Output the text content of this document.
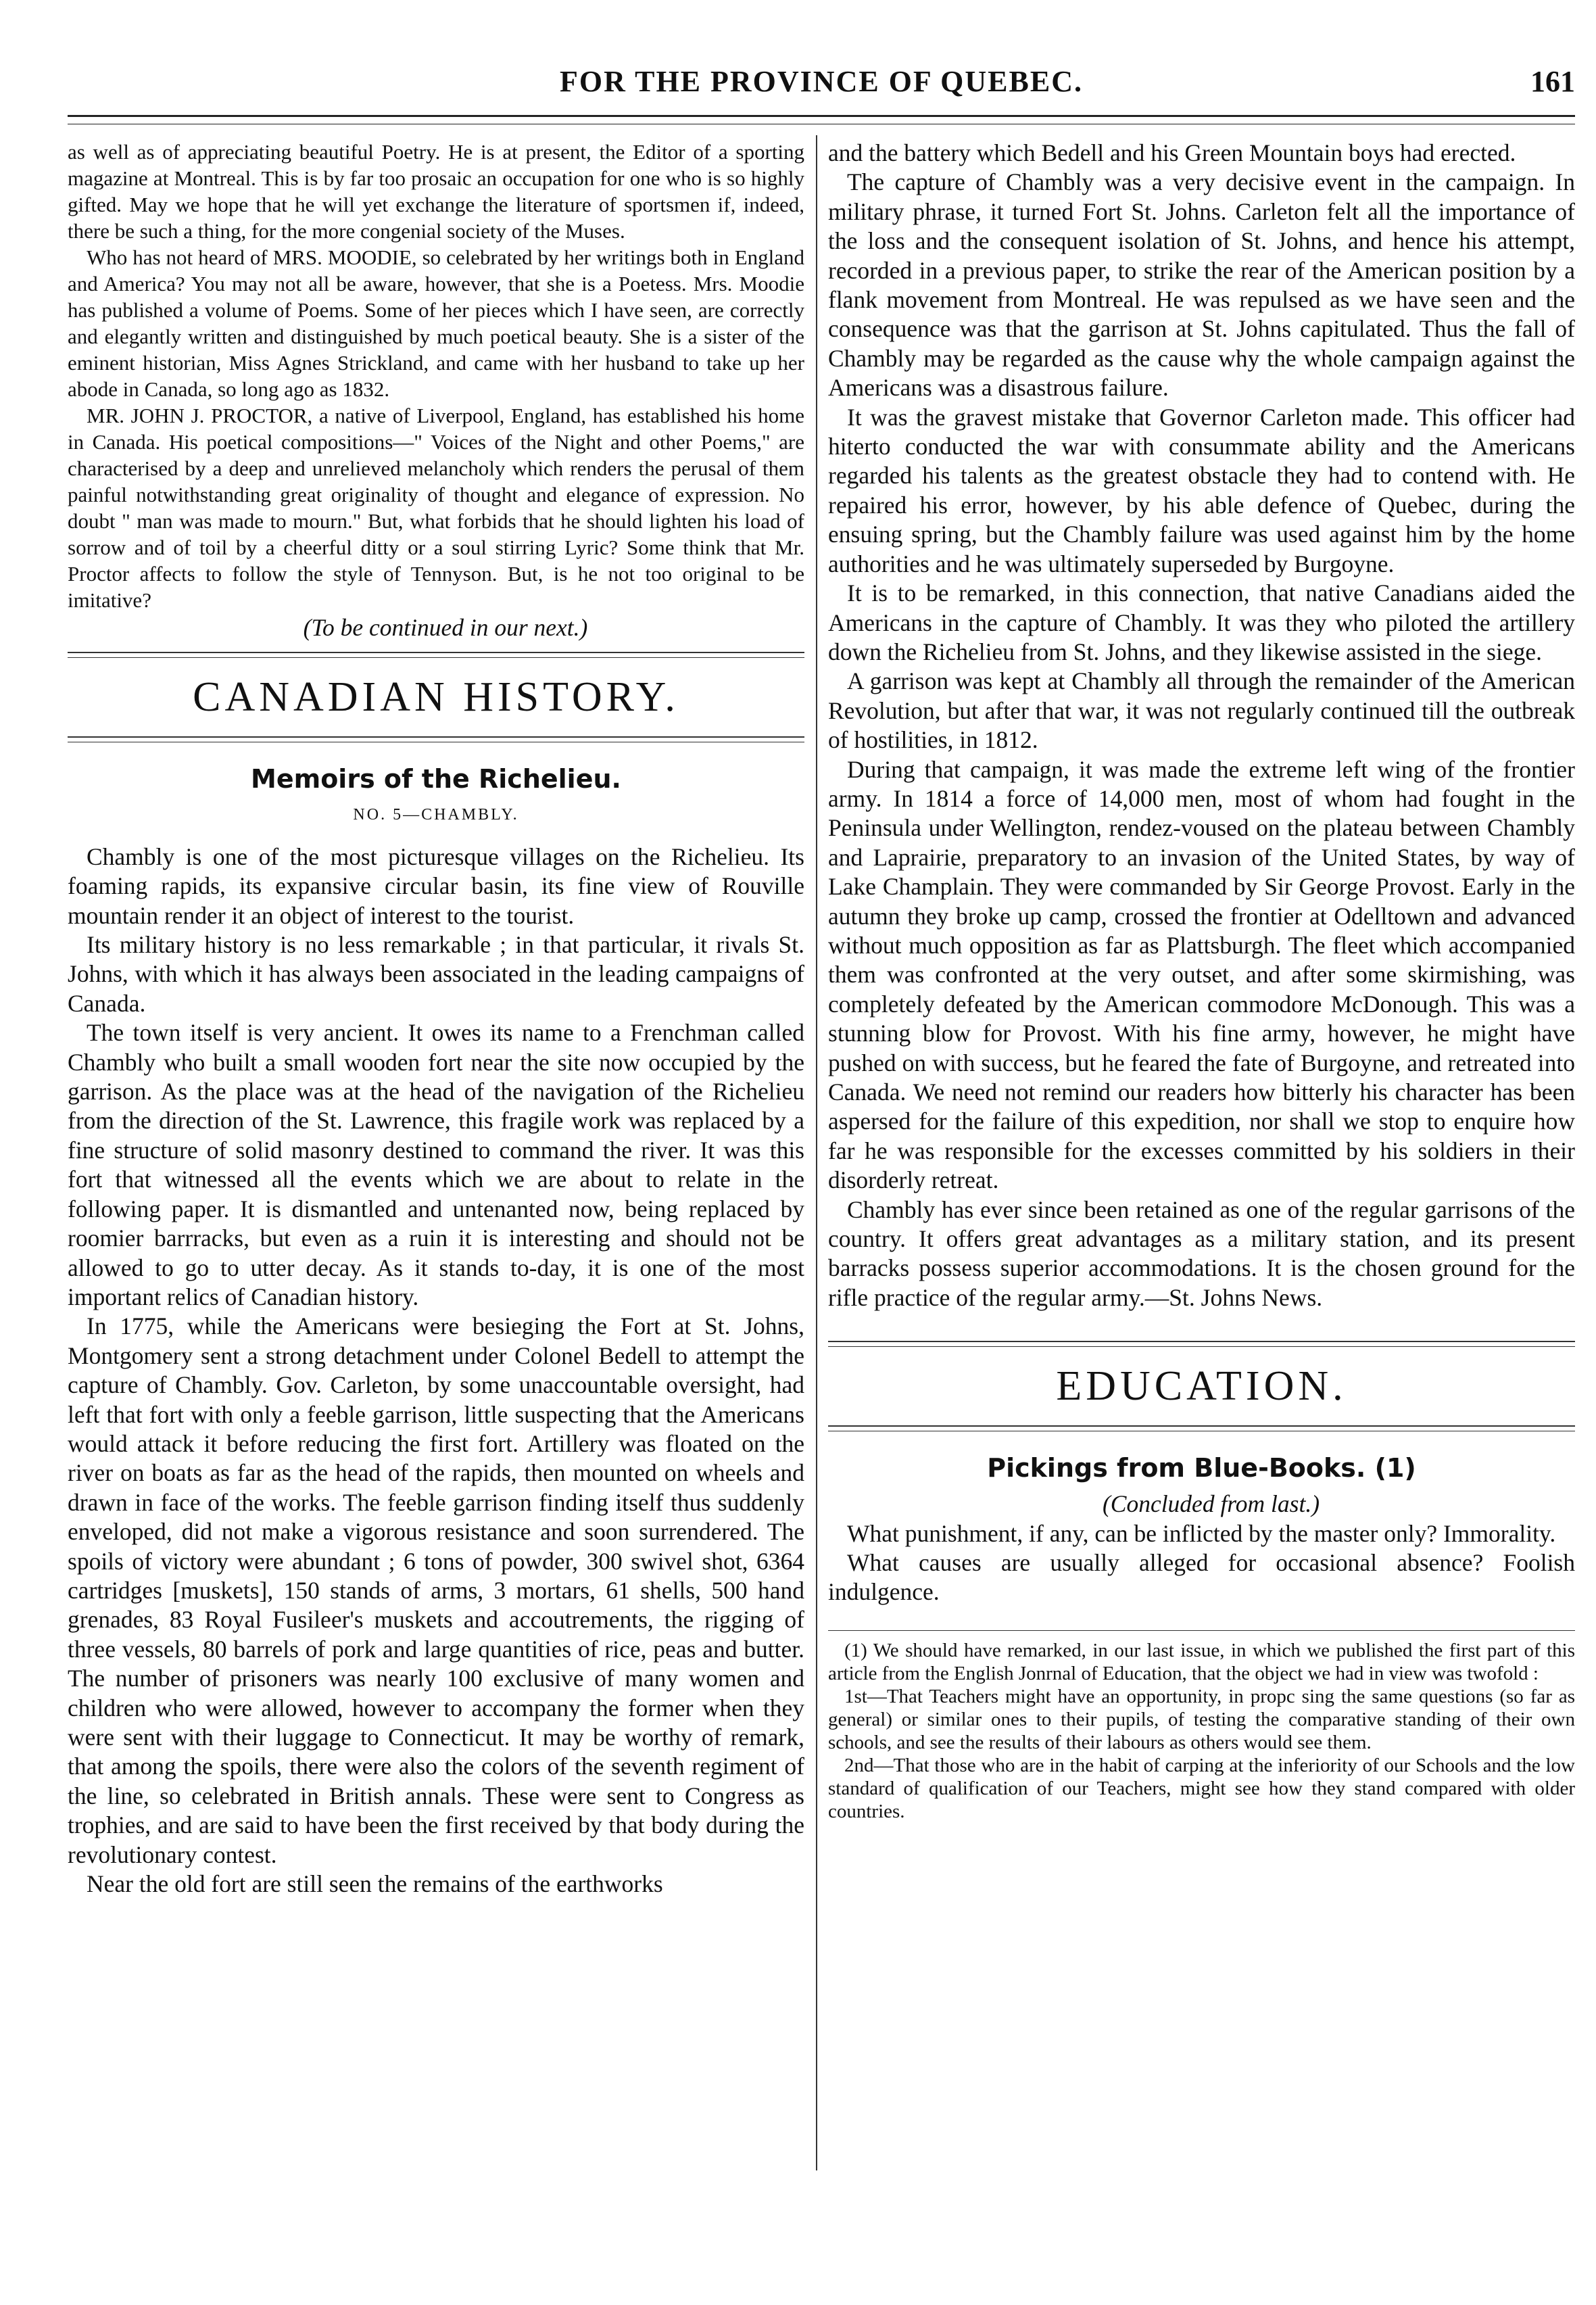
FOR THE PROVINCE OF QUEBEC.	161

as well as of appreciating beautiful Poetry. He is at present, the Editor of a sporting magazine at Montreal. This is by far too prosaic an occupation for one who is so highly gifted. May we hope that he will yet exchange the literature of sportsmen if, indeed, there be such a thing, for the more congenial society of the Muses.

Who has not heard of MRS. MOODIE, so celebrated by her writings both in England and America? You may not all be aware, however, that she is a Poetess. Mrs. Moodie has published a volume of Poems. Some of her pieces which I have seen, are correctly and elegantly written and distinguished by much poetical beauty. She is a sister of the eminent historian, Miss Agnes Strickland, and came with her husband to take up her abode in Canada, so long ago as 1832.

MR. JOHN J. PROCTOR, a native of Liverpool, England, has established his home in Canada. His poetical compositions—" Voices of the Night and other Poems," are characterised by a deep and unrelieved melancholy which renders the perusal of them painful notwithstanding great originality of thought and elegance of expression. No doubt " man was made to mourn." But, what forbids that he should lighten his load of sorrow and of toil by a cheerful ditty or a soul stirring Lyric? Some think that Mr. Proctor affects to follow the style of Tennyson. But, is he not too original to be imitative?

(To be continued in our next.)

CANADIAN HISTORY.
Memoirs of the Richelieu.
NO. 5—CHAMBLY.

Chambly is one of the most picturesque villages on the Richelieu. Its foaming rapids, its expansive circular basin, its fine view of Rouville mountain render it an object of interest to the tourist.

Its military history is no less remarkable ; in that particular, it rivals St. Johns, with which it has always been associated in the leading campaigns of Canada.

The town itself is very ancient. It owes its name to a Frenchman called Chambly who built a small wooden fort near the site now occupied by the garrison. As the place was at the head of the navigation of the Richelieu from the direction of the St. Lawrence, this fragile work was replaced by a fine structure of solid masonry destined to command the river. It was this fort that witnessed all the events which we are about to relate in the following paper. It is dismantled and untenanted now, being replaced by roomier barrracks, but even as a ruin it is interesting and should not be allowed to go to utter decay. As it stands to-day, it is one of the most important relics of Canadian history.

In 1775, while the Americans were besieging the Fort at St. Johns, Montgomery sent a strong detachment under Colonel Bedell to attempt the capture of Chambly. Gov. Carleton, by some unaccountable oversight, had left that fort with only a feeble garrison, little suspecting that the Americans would attack it before reducing the first fort. Artillery was floated on the river on boats as far as the head of the rapids, then mounted on wheels and drawn in face of the works. The feeble garrison finding itself thus suddenly enveloped, did not make a vigorous resistance and soon surrendered. The spoils of victory were abundant ; 6 tons of powder, 300 swivel shot, 6364 cartridges [muskets], 150 stands of arms, 3 mortars, 61 shells, 500 hand grenades, 83 Royal Fusileer's muskets and accoutrements, the rigging of three vessels, 80 barrels of pork and large quantities of rice, peas and butter. The number of prisoners was nearly 100 exclusive of many women and children who were allowed, however to accompany the former when they were sent with their luggage to Connecticut. It may be worthy of remark, that among the spoils, there were also the colors of the seventh regiment of the line, so celebrated in British annals. These were sent to Congress as trophies, and are said to have been the first received by that body during the revolutionary contest.

Near the old fort are still seen the remains of the earthworks

and the battery which Bedell and his Green Mountain boys had erected.

The capture of Chambly was a very decisive event in the campaign. In military phrase, it turned Fort St. Johns. Carleton felt all the importance of the loss and the consequent isolation of St. Johns, and hence his attempt, recorded in a previous paper, to strike the rear of the American position by a flank movement from Montreal. He was repulsed as we have seen and the consequence was that the garrison at St. Johns capitulated. Thus the fall of Chambly may be regarded as the cause why the whole campaign against the Americans was a disastrous failure.

It was the gravest mistake that Governor Carleton made. This officer had hiterto conducted the war with consummate ability and the Americans regarded his talents as the greatest obstacle they had to contend with. He repaired his error, however, by his able defence of Quebec, during the ensuing spring, but the Chambly failure was used against him by the home authorities and he was ultimately superseded by Burgoyne.

It is to be remarked, in this connection, that native Canadians aided the Americans in the capture of Chambly. It was they who piloted the artillery down the Richelieu from St. Johns, and they likewise assisted in the siege.

A garrison was kept at Chambly all through the remainder of the American Revolution, but after that war, it was not regularly continued till the outbreak of hostilities, in 1812.

During that campaign, it was made the extreme left wing of the frontier army. In 1814 a force of 14,000 men, most of whom had fought in the Peninsula under Wellington, rendez-voused on the plateau between Chambly and Laprairie, preparatory to an invasion of the United States, by way of Lake Champlain. They were commanded by Sir George Provost. Early in the autumn they broke up camp, crossed the frontier at Odelltown and advanced without much opposition as far as Plattsburgh. The fleet which accompanied them was confronted at the very outset, and after some skirmishing, was completely defeated by the American commodore McDonough. This was a stunning blow for Provost. With his fine army, however, he might have pushed on with success, but he feared the fate of Burgoyne, and retreated into Canada. We need not remind our readers how bitterly his character has been aspersed for the failure of this expedition, nor shall we stop to enquire how far he was responsible for the excesses committed by his soldiers in their disorderly retreat.

Chambly has ever since been retained as one of the regular garrisons of the country. It offers great advantages as a military station, and its present barracks possess superior accommodations. It is the chosen ground for the rifle practice of the regular army.—St. Johns News.

EDUCATION.
Pickings from Blue-Books. (1)

(Concluded from last.)

What punishment, if any, can be inflicted by the master only? Immorality.

What causes are usually alleged for occasional absence? Foolish indulgence.

(1) We should have remarked, in our last issue, in which we published the first part of this article from the English Jonrnal of Education, that the object we had in view was twofold :

1st—That Teachers might have an opportunity, in propc sing the same questions (so far as general) or similar ones to their pupils, of testing the comparative standing of their own schools, and see the results of their labours as others would see them.

2nd—That those who are in the habit of carping at the inferiority of our Schools and the low standard of qualification of our Teachers, might see how they stand compared with older countries.
